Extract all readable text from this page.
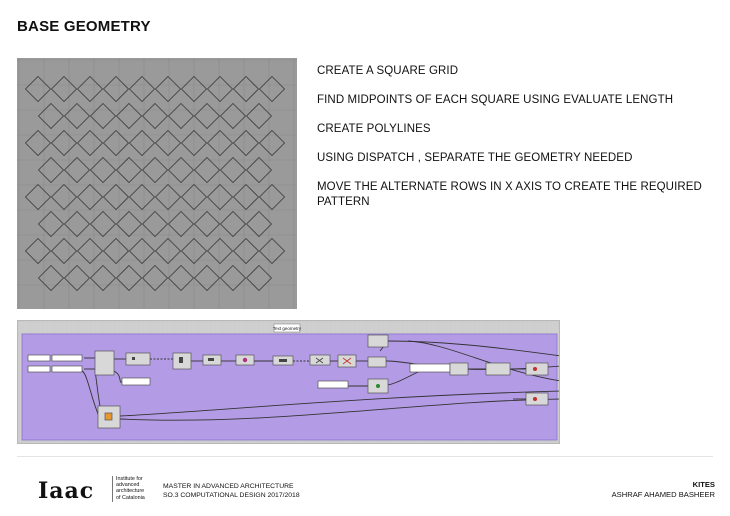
BASE GEOMETRY
CREATE A SQUARE GRID
FIND MIDPOINTS OF EACH SQUARE USING EVALUATE LENGTH
CREATE POLYLINES
USING DISPATCH , SEPARATE THE GEOMETRY NEEDED
MOVE THE ALTERNATE ROWS IN X AXIS TO CREATE THE REQUIRED PATTERN
Text geometry
Iaac	Institute for
advanced
architecture
of Catalonia
MASTER IN ADVANCED ARCHITECTURE
SO.3 COMPUTATIONAL DESIGN 2017/2018
KITES
ASHRAF AHAMED BASHEER
